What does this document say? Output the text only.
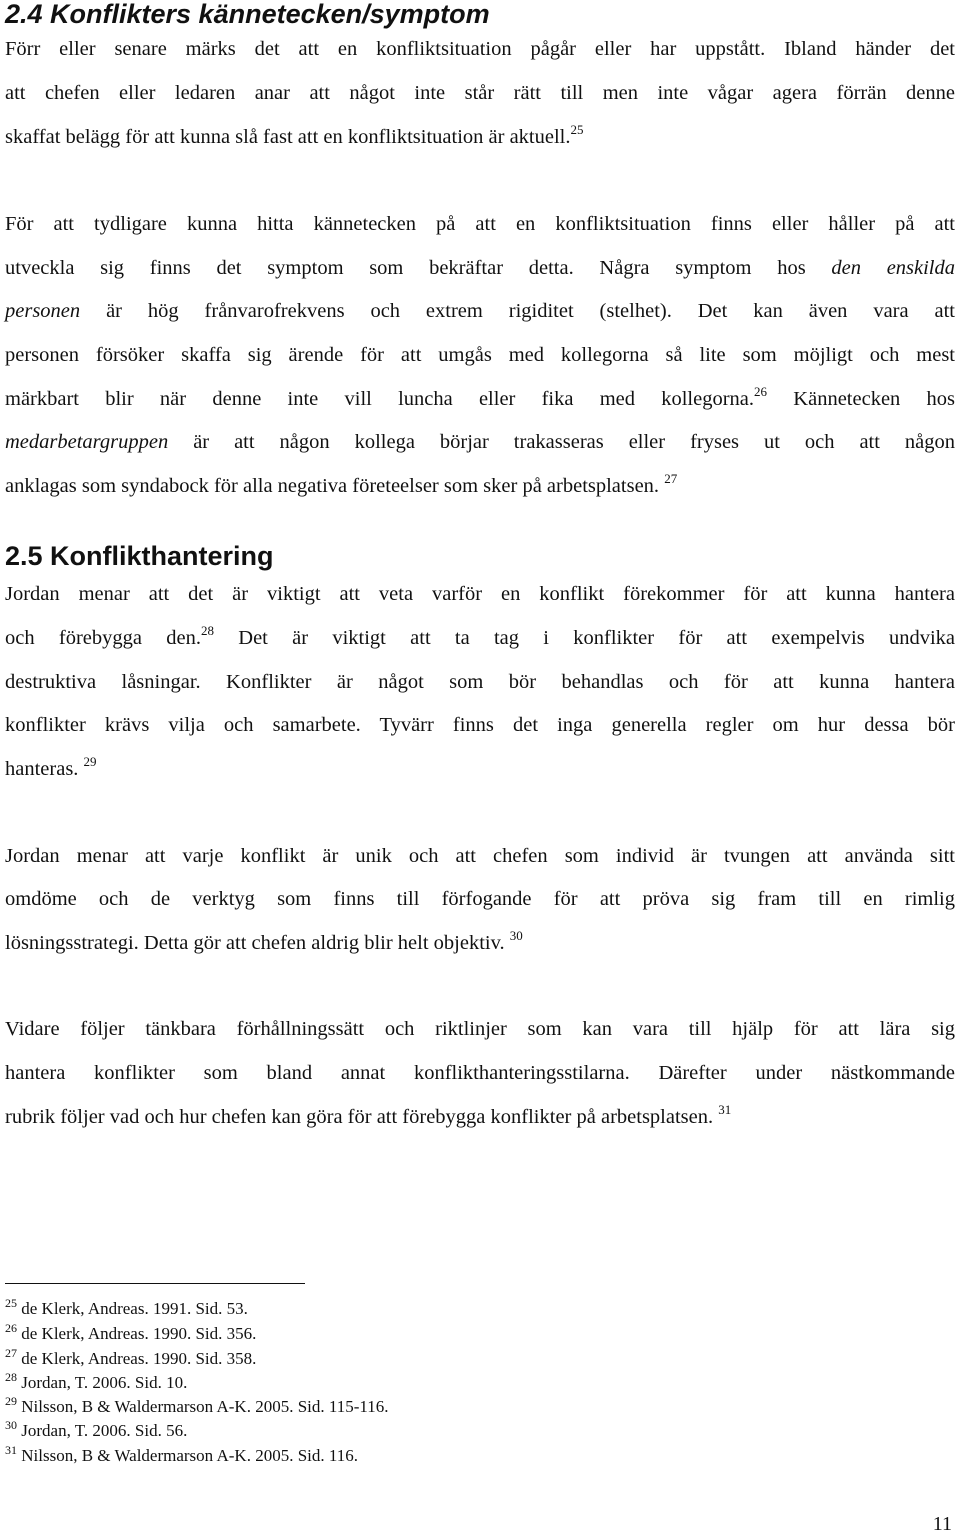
2.4 Konflikters kännetecken/symptom
Förr eller senare märks det att en konfliktsituation pågår eller har uppstått. Ibland händer det
att chefen eller ledaren anar att något inte står rätt till men inte vågar agera förrän denne
skaffat belägg för att kunna slå fast att en konfliktsituation är aktuell.$^{25}$
För att tydligare kunna hitta kännetecken på att en konfliktsituation finns eller håller på att
utveckla sig finns det symptom som bekräftar detta. Några symptom hos den enskilda
personen är hög frånvarofrekvens och extrem rigiditet (stelhet). Det kan även vara att
personen försöker skaffa sig ärende för att umgås med kollegorna så lite som möjligt och mest
märkbart blir när denne inte vill luncha eller fika med kollegorna.$^{26}$ Kännetecken hos
medarbetargruppen är att någon kollega börjar trakasseras eller fryses ut och att någon
anklagas som syndabock för alla negativa företeelser som sker på arbetsplatsen. $^{27}$
2.5 Konflikthantering
Jordan menar att det är viktigt att veta varför en konflikt förekommer för att kunna hantera
och förebygga den.$^{28}$ Det är viktigt att ta tag i konflikter för att exempelvis undvika
destruktiva låsningar. Konflikter är något som bör behandlas och för att kunna hantera
konflikter krävs vilja och samarbete. Tyvärr finns det inga generella regler om hur dessa bör
hanteras. $^{29}$
Jordan menar att varje konflikt är unik och att chefen som individ är tvungen att använda sitt
omdöme och de verktyg som finns till förfogande för att pröva sig fram till en rimlig
lösningsstrategi. Detta gör att chefen aldrig blir helt objektiv. $^{30}$
Vidare följer tänkbara förhållningssätt och riktlinjer som kan vara till hjälp för att lära sig
hantera konflikter som bland annat konflikthanteringsstilarna. Därefter under nästkommande
rubrik följer vad och hur chefen kan göra för att förebygga konflikter på arbetsplatsen. $^{31}$
$^{25}$ de Klerk, Andreas. 1991. Sid. 53.
$^{26}$ de Klerk, Andreas. 1990. Sid. 356.
$^{27}$ de Klerk, Andreas. 1990. Sid. 358.
$^{28}$ Jordan, T. 2006. Sid. 10.
$^{29}$ Nilsson, B & Waldermarson A-K. 2005. Sid. 115-116.
$^{30}$ Jordan, T. 2006. Sid. 56.
$^{31}$ Nilsson, B & Waldermarson A-K. 2005. Sid. 116.
11
